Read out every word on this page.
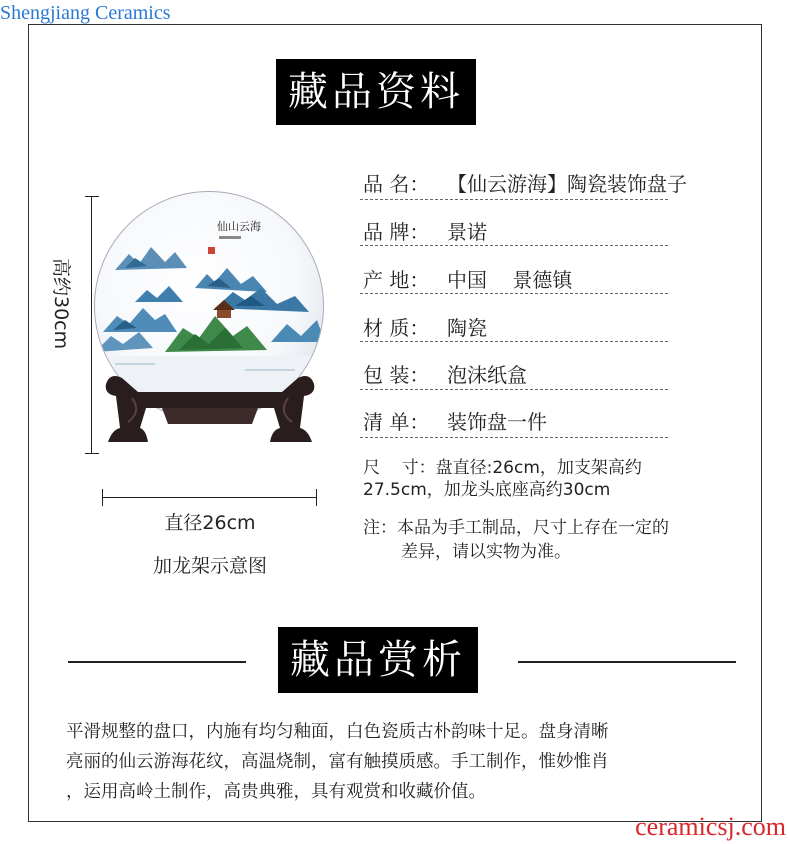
Shengjiang Ceramics
藏品资料
仙山云海
高约30cm
直径26cm
加龙架示意图
品 名： 【仙云游海】陶瓷装饰盘子
品 牌： 景诺
产 地： 中国    景德镇
材 质： 陶瓷
包 装： 泡沫纸盒
清 单： 装饰盘一件
尺    寸：盘直径:26cm，加支架高约
27.5cm，加龙头底座高约30cm
注：本品为手工制品，尺寸上存在一定的
差异，请以实物为准。
藏品赏析
平滑规整的盘口，内施有均匀釉面，白色瓷质古朴韵味十足。盘身清晰
亮丽的仙云游海花纹，高温烧制，富有触摸质感。手工制作，惟妙惟肖
，运用高岭土制作，高贵典雅，具有观赏和收藏价值。
ceramicsj.com
